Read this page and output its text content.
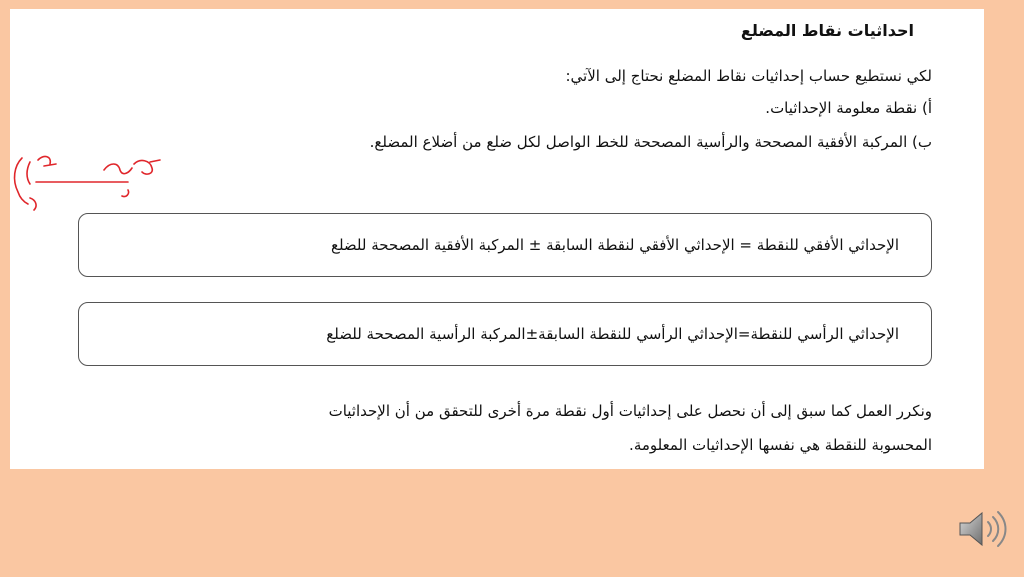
احداثيات نقاط المضلع
لكي نستطيع حساب إحداثيات نقاط المضلع نحتاج إلى الآتي:
أ) نقطة معلومة الإحداثيات.
ب) المركبة الأفقية المصححة والرأسية المصححة للخط الواصل لكل ضلع من أضلاع المضلع.
الإحداثي الأفقي للنقطة = الإحداثي الأفقي لنقطة السابقة ± المركبة الأفقية المصححة للضلع
الإحداثي الرأسي للنقطة=الإحداثي الرأسي للنقطة السابقة±المركبة الرأسية المصححة للضلع
ونكرر العمل كما سبق إلى أن نحصل على إحداثيات أول نقطة مرة أخرى للتحقق من أن الإحداثيات
المحسوبة للنقطة هي نفسها الإحداثيات المعلومة.
